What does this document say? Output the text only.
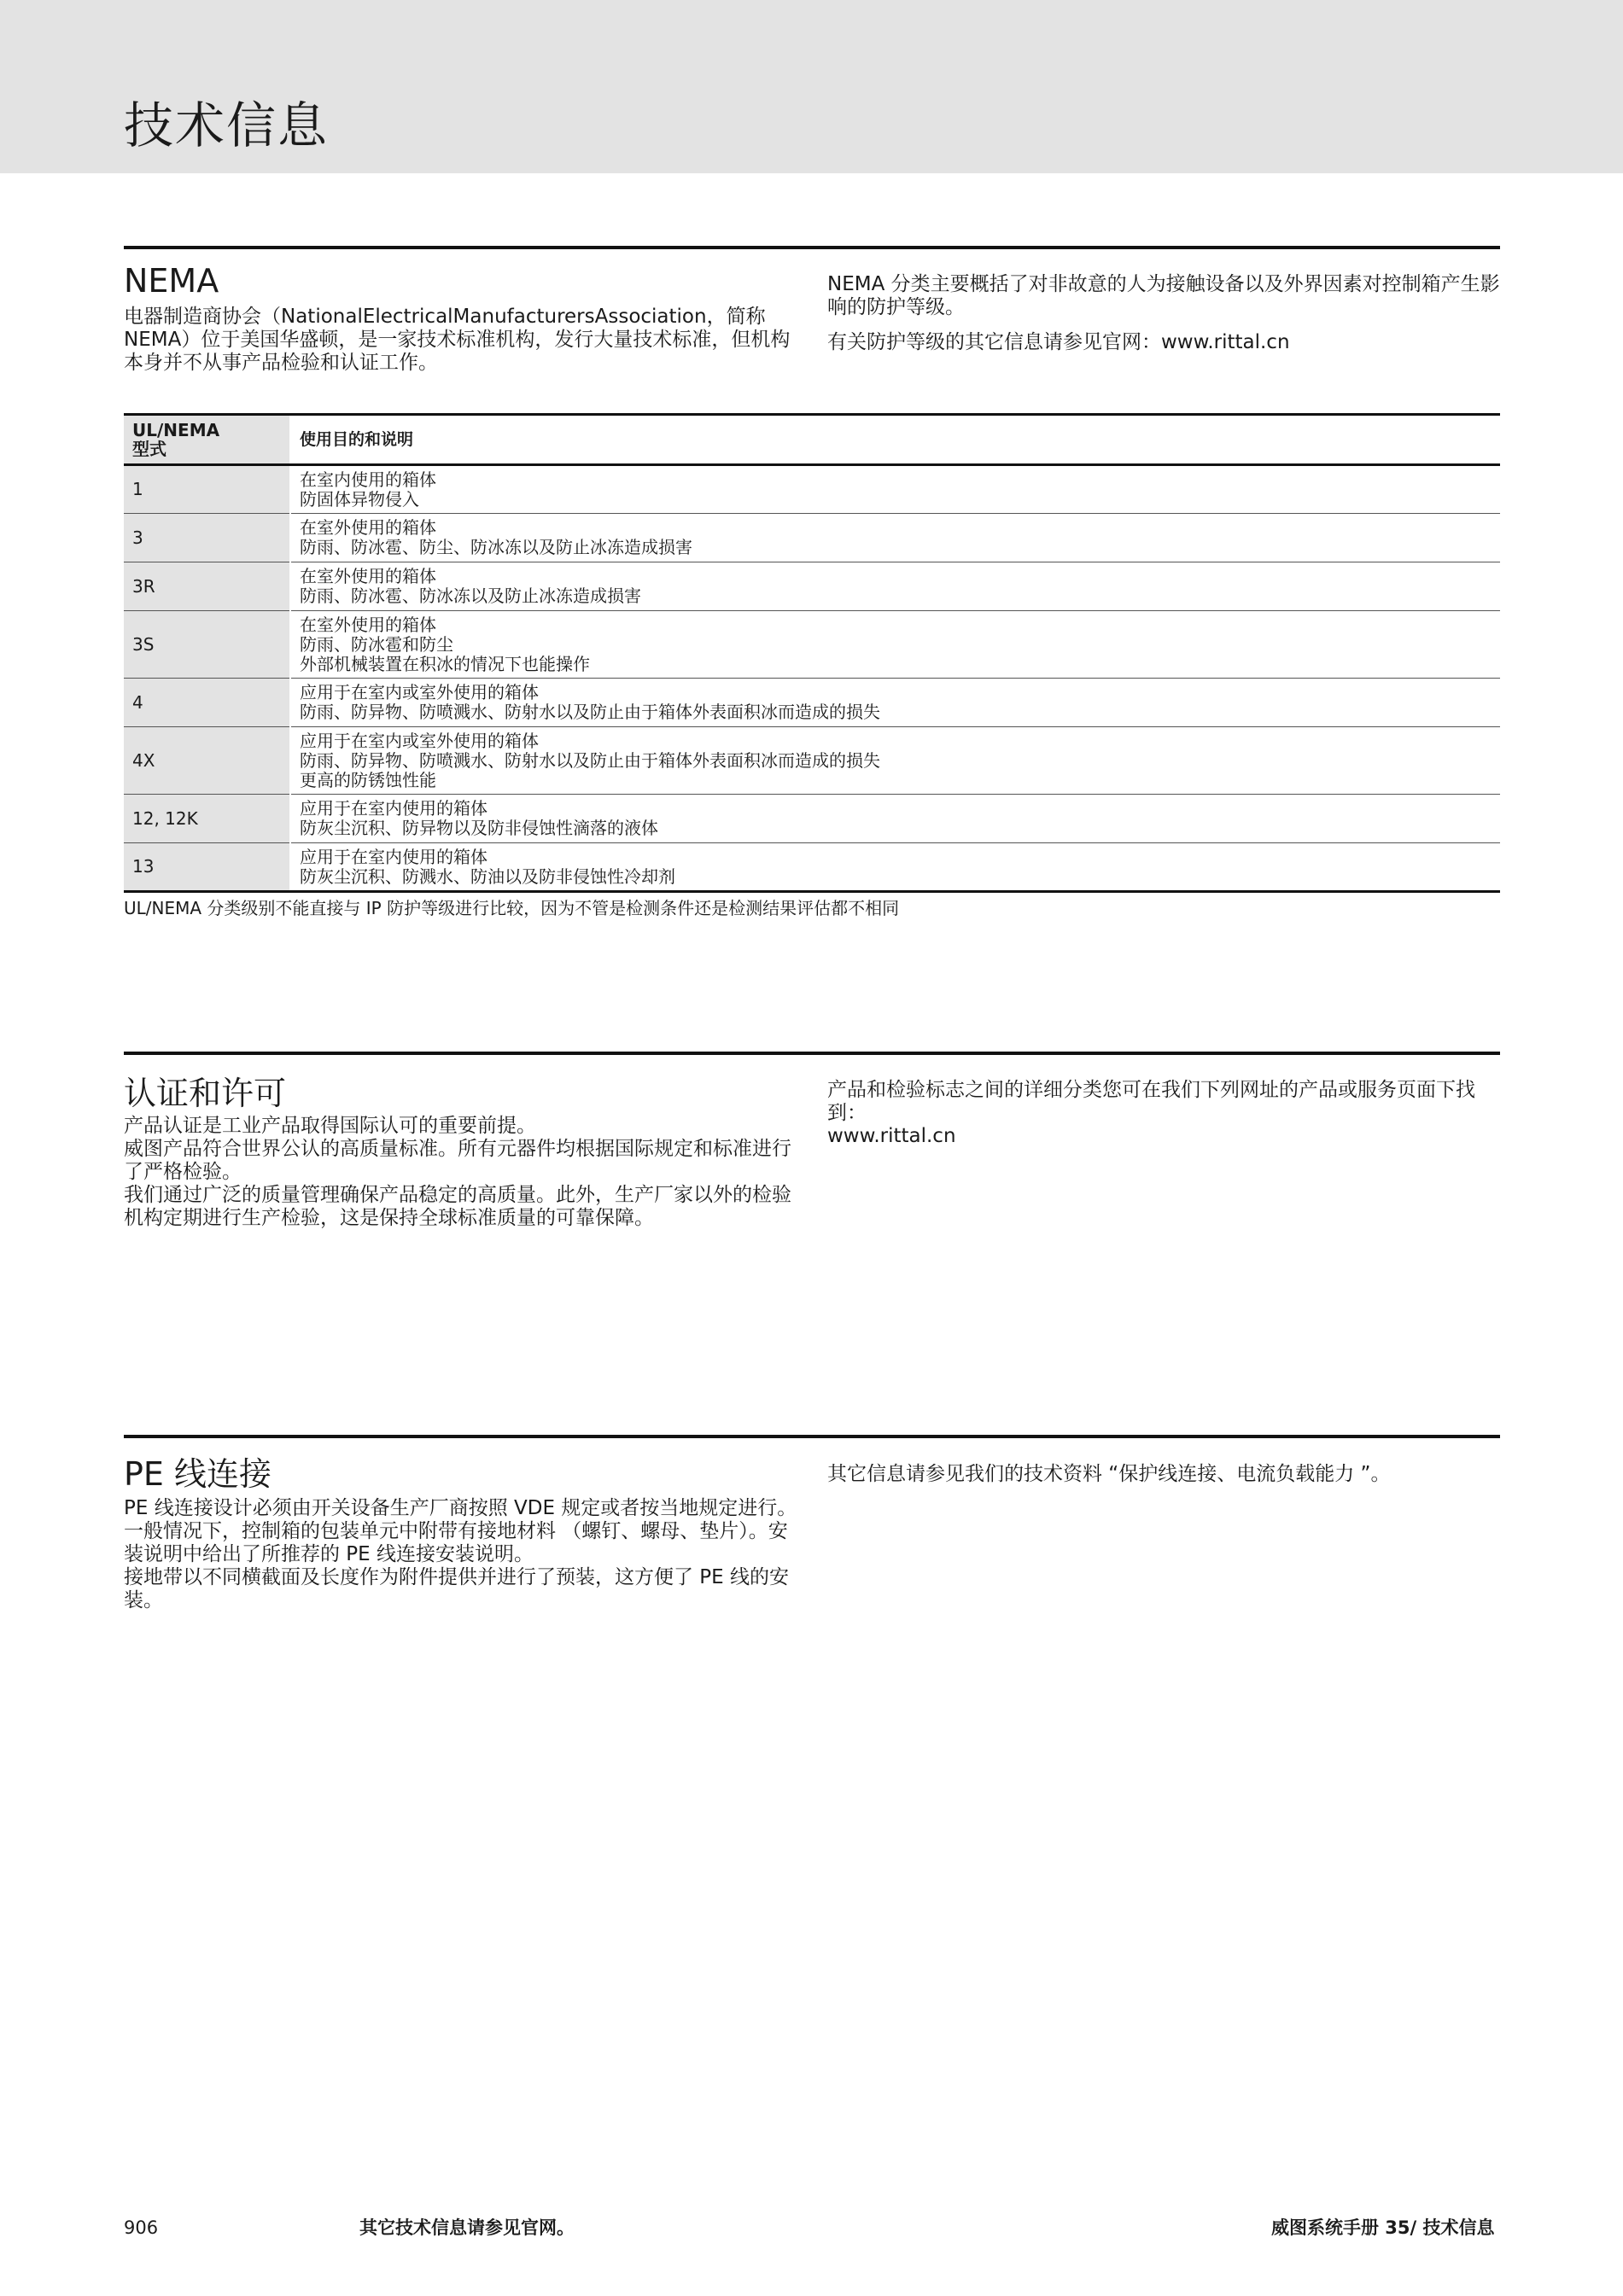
技术信息
NEMA

电器制造商协会（NationalElectricalManufacturersAssociation，简称NEMA）位于美国华盛顿，是一家技术标准机构，发行大量技术标准，但机构本身并不从事产品检验和认证工作。

NEMA 分类主要概括了对非故意的人为接触设备以及外界因素对控制箱产生影响的防护等级。

有关防护等级的其它信息请参见官网：www.rittal.cn

UL/NEMA
型式	使用目的和说明
1	在室内使用的箱体
防固体异物侵入

3	在室外使用的箱体
防雨、防冰雹、防尘、防冰冻以及防止冰冻造成损害

3R	在室外使用的箱体
防雨、防冰雹、防冰冻以及防止冰冻造成损害

3S	在室外使用的箱体
防雨、防冰雹和防尘
外部机械装置在积冰的情况下也能操作

4	应用于在室内或室外使用的箱体
防雨、防异物、防喷溅水、防射水以及防止由于箱体外表面积冰而造成的损失

4X	应用于在室内或室外使用的箱体
防雨、防异物、防喷溅水、防射水以及防止由于箱体外表面积冰而造成的损失
更高的防锈蚀性能

12, 12K	应用于在室内使用的箱体
防灰尘沉积、防异物以及防非侵蚀性滴落的液体

13	应用于在室内使用的箱体
防灰尘沉积、防溅水、防油以及防非侵蚀性冷却剂
UL/NEMA 分类级别不能直接与 IP 防护等级进行比较，因为不管是检测条件还是检测结果评估都不相同
认证和许可

产品认证是工业产品取得国际认可的重要前提。

威图产品符合世界公认的高质量标准。所有元器件均根据国际规定和标准进行了严格检验。

我们通过广泛的质量管理确保产品稳定的高质量。此外，生产厂家以外的检验机构定期进行生产检验，这是保持全球标准质量的可靠保障。

产品和检验标志之间的详细分类您可在我们下列网址的产品或服务页面下找到：

www.rittal.cn

PE 线连接

PE 线连接设计必须由开关设备生产厂商按照 VDE 规定或者按当地规定进行。

一般情况下，控制箱的包装单元中附带有接地材料 （螺钉、螺母、垫片）。安装说明中给出了所推荐的 PE 线连接安装说明。

接地带以不同横截面及长度作为附件提供并进行了预装，这方便了 PE 线的安装。

其它信息请参见我们的技术资料 “保护线连接、电流负载能力 ”。

906	其它技术信息请参见官网。	威图系统手册 35/ 技术信息
